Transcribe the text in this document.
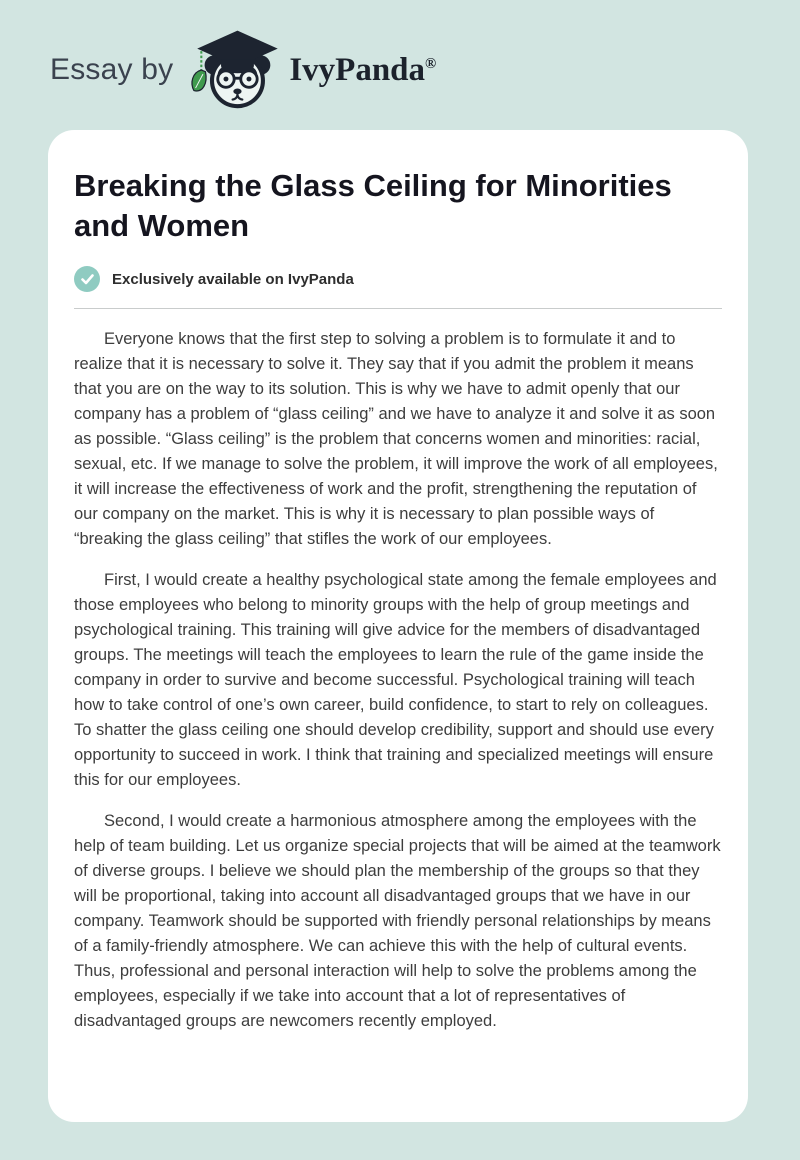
Essay by	IvyPanda®
Breaking the Glass Ceiling for Minorities and Women
Exclusively available on IvyPanda

Everyone knows that the first step to solving a problem is to formulate it and to realize that it is necessary to solve it. They say that if you admit the problem it means that you are on the way to its solution. This is why we have to admit openly that our company has a problem of “glass ceiling” and we have to analyze it and solve it as soon as possible. “Glass ceiling” is the problem that concerns women and minorities: racial, sexual, etc. If we manage to solve the problem, it will improve the work of all employees, it will increase the effectiveness of work and the profit, strengthening the reputation of our company on the market. This is why it is necessary to plan possible ways of “breaking the glass ceiling” that stifles the work of our employees.

First, I would create a healthy psychological state among the female employees and those employees who belong to minority groups with the help of group meetings and psychological training. This training will give advice for the members of disadvantaged groups. The meetings will teach the employees to learn the rule of the game inside the company in order to survive and become successful. Psychological training will teach how to take control of one’s own career, build confidence, to start to rely on colleagues. To shatter the glass ceiling one should develop credibility, support and should use every opportunity to succeed in work. I think that training and specialized meetings will ensure this for our employees.

Second, I would create a harmonious atmosphere among the employees with the help of team building. Let us organize special projects that will be aimed at the teamwork of diverse groups. I believe we should plan the membership of the groups so that they will be proportional, taking into account all disadvantaged groups that we have in our company. Teamwork should be supported with friendly personal relationships by means of a family-friendly atmosphere. We can achieve this with the help of cultural events. Thus, professional and personal interaction will help to solve the problems among the employees, especially if we take into account that a lot of representatives of disadvantaged groups are newcomers recently employed.
